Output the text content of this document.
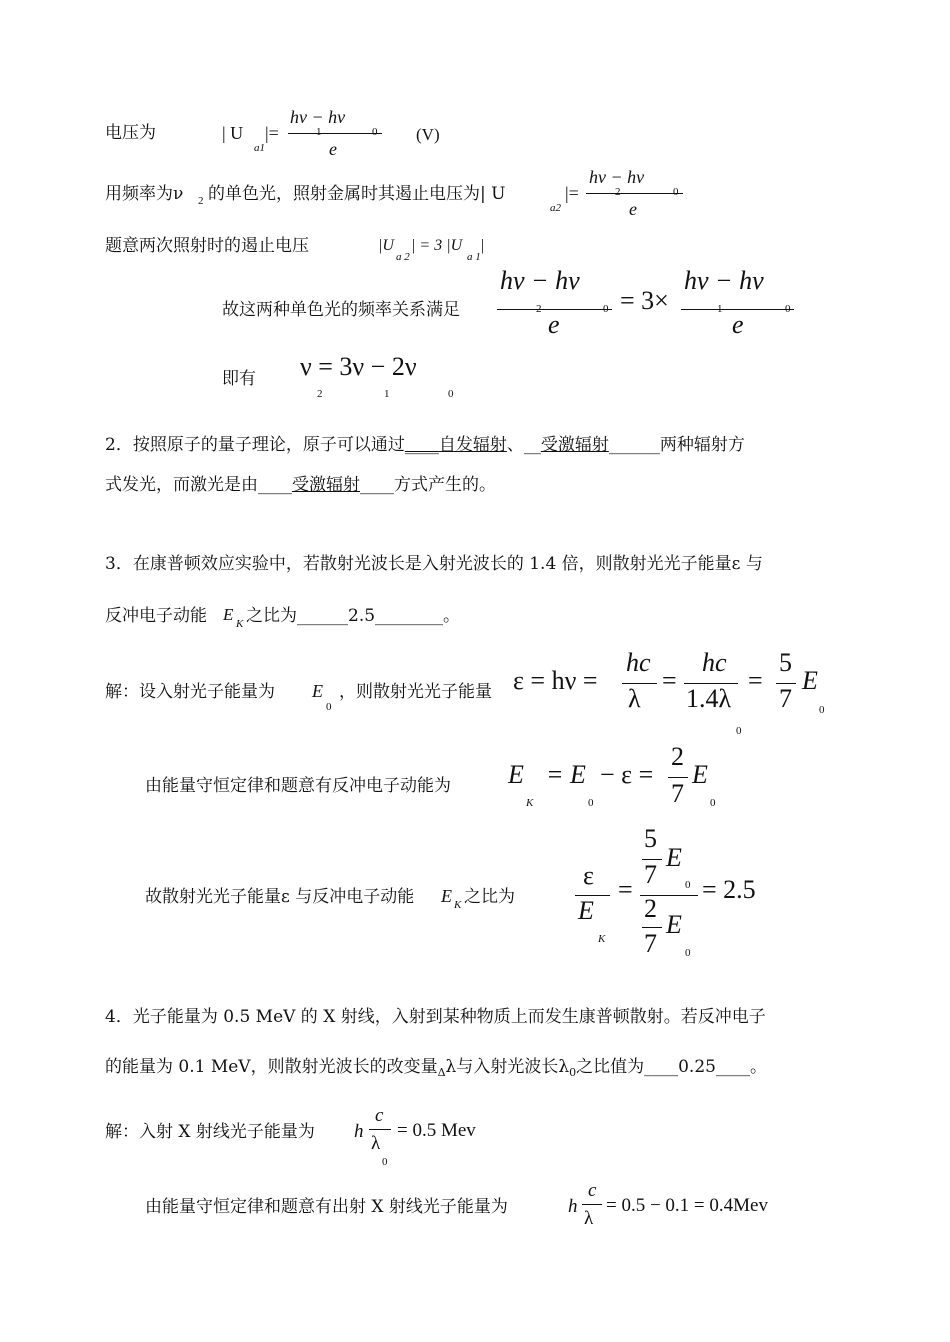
电压为	| U
a1
|=
hν − hν
1	0
e
(V)
用频率为ν 2 的单色光，照射金属时其遏止电压为| U
a2
|=
hν − hν
2	0
e
题意两次照射时的遏止电压	|U
a 2
| = 3 |U
a 1
|
故这两种单色光的频率关系满足
hν − hν
2	0
e
= 3×
hν − hν
1	0
e
即有 ν = 3ν − 2ν
2	1	0
2．按照原子的量子理论，原子可以通过____自发辐射、__受激辐射______两种辐射方
式发光，而激光是由____受激辐射____方式产生的。
3．在康普顿效应实验中，若散射光波长是入射光波长的 1.4 倍，则散射光光子能量ε 与
反冲电子动能 E K 之比为______2.5________。
解：设入射光子能量为 E
0
，则散射光光子能量 ε = hν =
hc
λ
=
hc
1.4λ
0
=
5
7
E
0
由能量守恒定律和题意有反冲电子动能为 E
K
= E
0
− ε =
2
7
E
0
故散射光光子能量ε 与反冲电子动能 E K 之比为
ε
E
K
=
5
7
E
0
2
7
E
0
= 2.5
4．光子能量为 0.5 MeV 的 X 射线，入射到某种物质上而发生康普顿散射。若反冲电子
的能量为 0.1 MeV，则散射光波长的改变量$_\Delta$λ与入射光波长$\lambda_0$之比值为____0.25____。
解：入射 X 射线光子能量为 h
c
λ
0
= 0.5 Mev
由能量守恒定律和题意有出射 X 射线光子能量为	h
c
λ
= 0.5 − 0.1 = 0.4Mev
